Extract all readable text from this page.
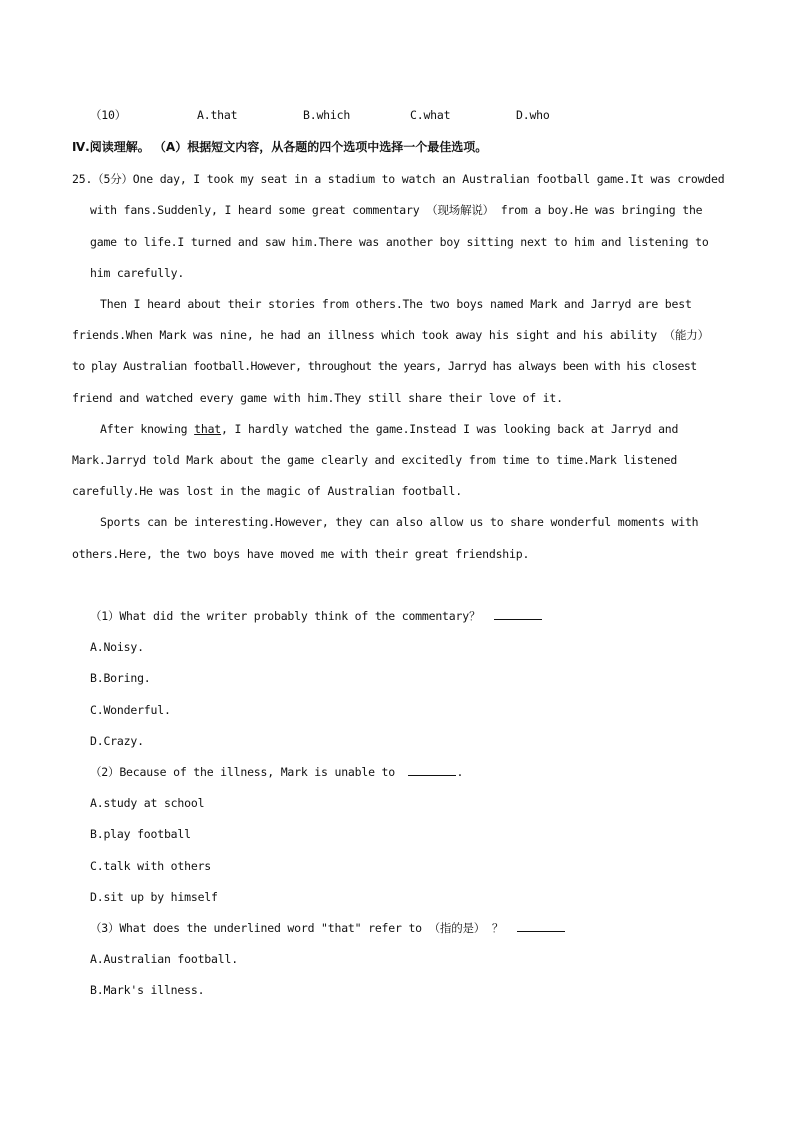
（10）	A.that	B.which	C.what	D.who
Ⅳ.阅读理解。 （A）根据短文内容，从各题的四个选项中选择一个最佳选项。
25.（5分）One day, I took my seat in a stadium to watch an Australian football game.It was crowded
with fans.Suddenly, I heard some great commentary （现场解说） from a boy.He was bringing the
game to life.I turned and saw him.There was another boy sitting next to him and listening to
him carefully.
Then I heard about their stories from others.The two boys named Mark and Jarryd are best
friends.When Mark was nine, he had an illness which took away his sight and his ability （能力）
to play Australian football.However, throughout the years, Jarryd has always been with his closest
friend and watched every game with him.They still share their love of it.
After knowing that, I hardly watched the game.Instead I was looking back at Jarryd and
Mark.Jarryd told Mark about the game clearly and excitedly from time to time.Mark listened
carefully.He was lost in the magic of Australian football.
Sports can be interesting.However, they can also allow us to share wonderful moments with
others.Here, the two boys have moved me with their great friendship.
（1）What did the writer probably think of the commentary？
A.Noisy.
B.Boring.
C.Wonderful.
D.Crazy.
（2）Because of the illness, Mark is unable to	.
A.study at school
B.play football
C.talk with others
D.sit up by himself
（3）What does the underlined word "that" refer to （指的是） ？
A.Australian football.
B.Mark's illness.
